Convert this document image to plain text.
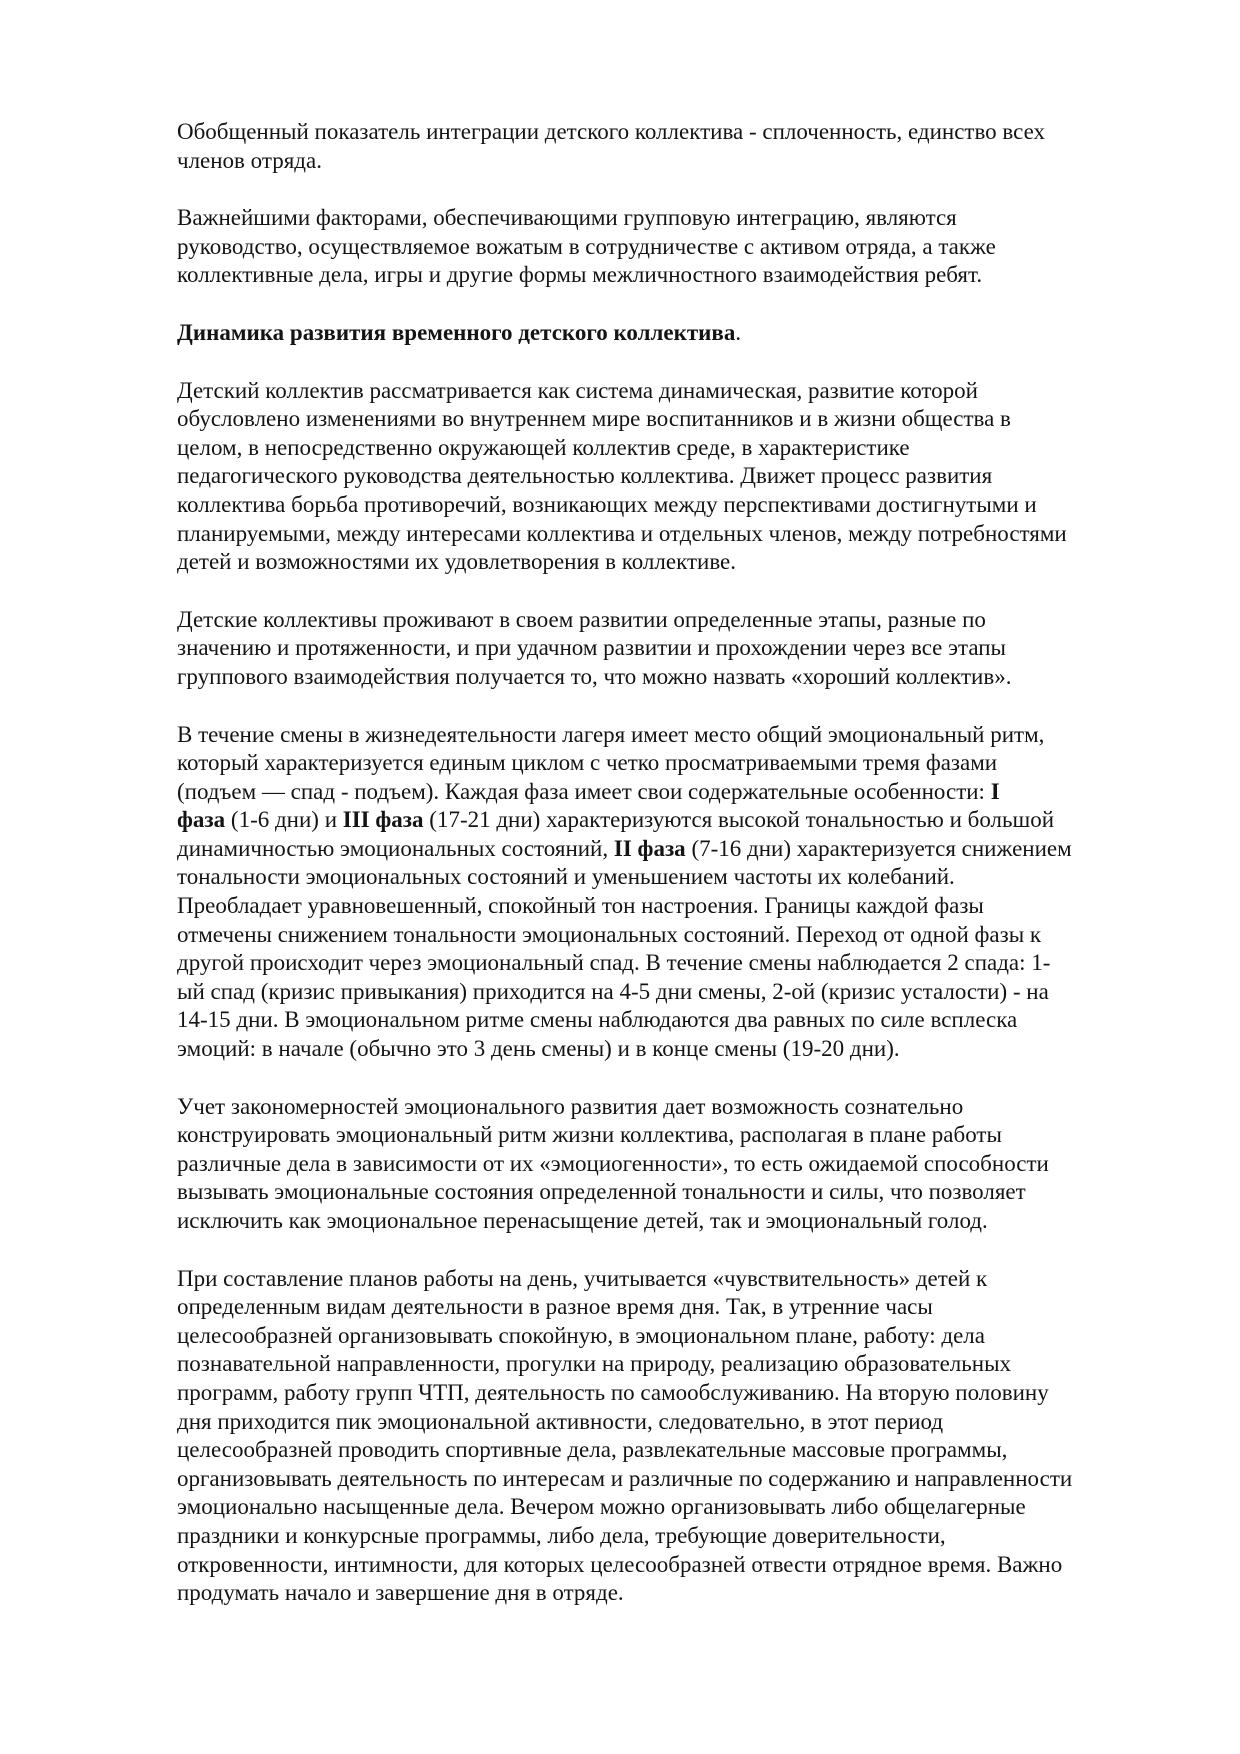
Обобщенный показатель интеграции детского коллектива - сплоченность, единство всех
членов отряда.

Важнейшими факторами, обеспечивающими групповую интеграцию, являются
руководство, осуществляемое вожатым в сотрудничестве с активом отряда, а также
коллективные дела, игры и другие формы межличностного взаимодействия ребят.

Динамика развития временного детского коллектива.

Детский коллектив рассматривается как система динамическая, развитие которой
обусловлено изменениями во внутреннем мире воспитанников и в жизни общества в
целом, в непосредственно окружающей коллектив среде, в характеристике
педагогического руководства деятельностью коллектива. Движет процесс развития
коллектива борьба противоречий, возникающих между перспективами достигнутыми и
планируемыми, между интересами коллектива и отдельных членов, между потребностями
детей и возможностями их удовлетворения в коллективе.

Детские коллективы проживают в своем развитии определенные этапы, разные по
значению и протяженности, и при удачном развитии и прохождении через все этапы
группового взаимодействия получается то, что можно назвать «хороший коллектив».

В течение смены в жизнедеятельности лагеря имеет место общий эмоциональный ритм,
который характеризуется единым циклом с четко просматриваемыми тремя фазами
(подъем — спад - подъем). Каждая фаза имеет свои содержательные особенности: I
фаза (1-6 дни) и III фаза (17-21 дни) характеризуются высокой тональностью и большой
динамичностью эмоциональных состояний, II фаза (7-16 дни) характеризуется снижением
тональности эмоциональных состояний и уменьшением частоты их колебаний.
Преобладает уравновешенный, спокойный тон настроения. Границы каждой фазы
отмечены снижением тональности эмоциональных состояний. Переход от одной фазы к
другой происходит через эмоциональный спад. В течение смены наблюдается 2 спада: 1-
ый спад (кризис привыкания) приходится на 4-5 дни смены, 2-ой (кризис усталости) - на
14-15 дни. В эмоциональном ритме смены наблюдаются два равных по силе всплеска
эмоций: в начале (обычно это 3 день смены) и в конце смены (19-20 дни).

Учет закономерностей эмоционального развития дает возможность сознательно
конструировать эмоциональный ритм жизни коллектива, располагая в плане работы
различные дела в зависимости от их «эмоциогенности», то есть ожидаемой способности
вызывать эмоциональные состояния определенной тональности и силы, что позволяет
исключить как эмоциональное перенасыщение детей, так и эмоциональный голод.

При составление планов работы на день, учитывается «чувствительность» детей к
определенным видам деятельности в разное время дня. Так, в утренние часы
целесообразней организовывать спокойную, в эмоциональном плане, работу: дела
познавательной направленности, прогулки на природу, реализацию образовательных
программ, работу групп ЧТП, деятельность по самообслуживанию. На вторую половину
дня приходится пик эмоциональной активности, следовательно, в этот период
целесообразней проводить спортивные дела, развлекательные массовые программы,
организовывать деятельность по интересам и различные по содержанию и направленности
эмоционально насыщенные дела. Вечером можно организовывать либо общелагерные
праздники и конкурсные программы, либо дела, требующие доверительности,
откровенности, интимности, для которых целесообразней отвести отрядное время. Важно
продумать начало и завершение дня в отряде.
